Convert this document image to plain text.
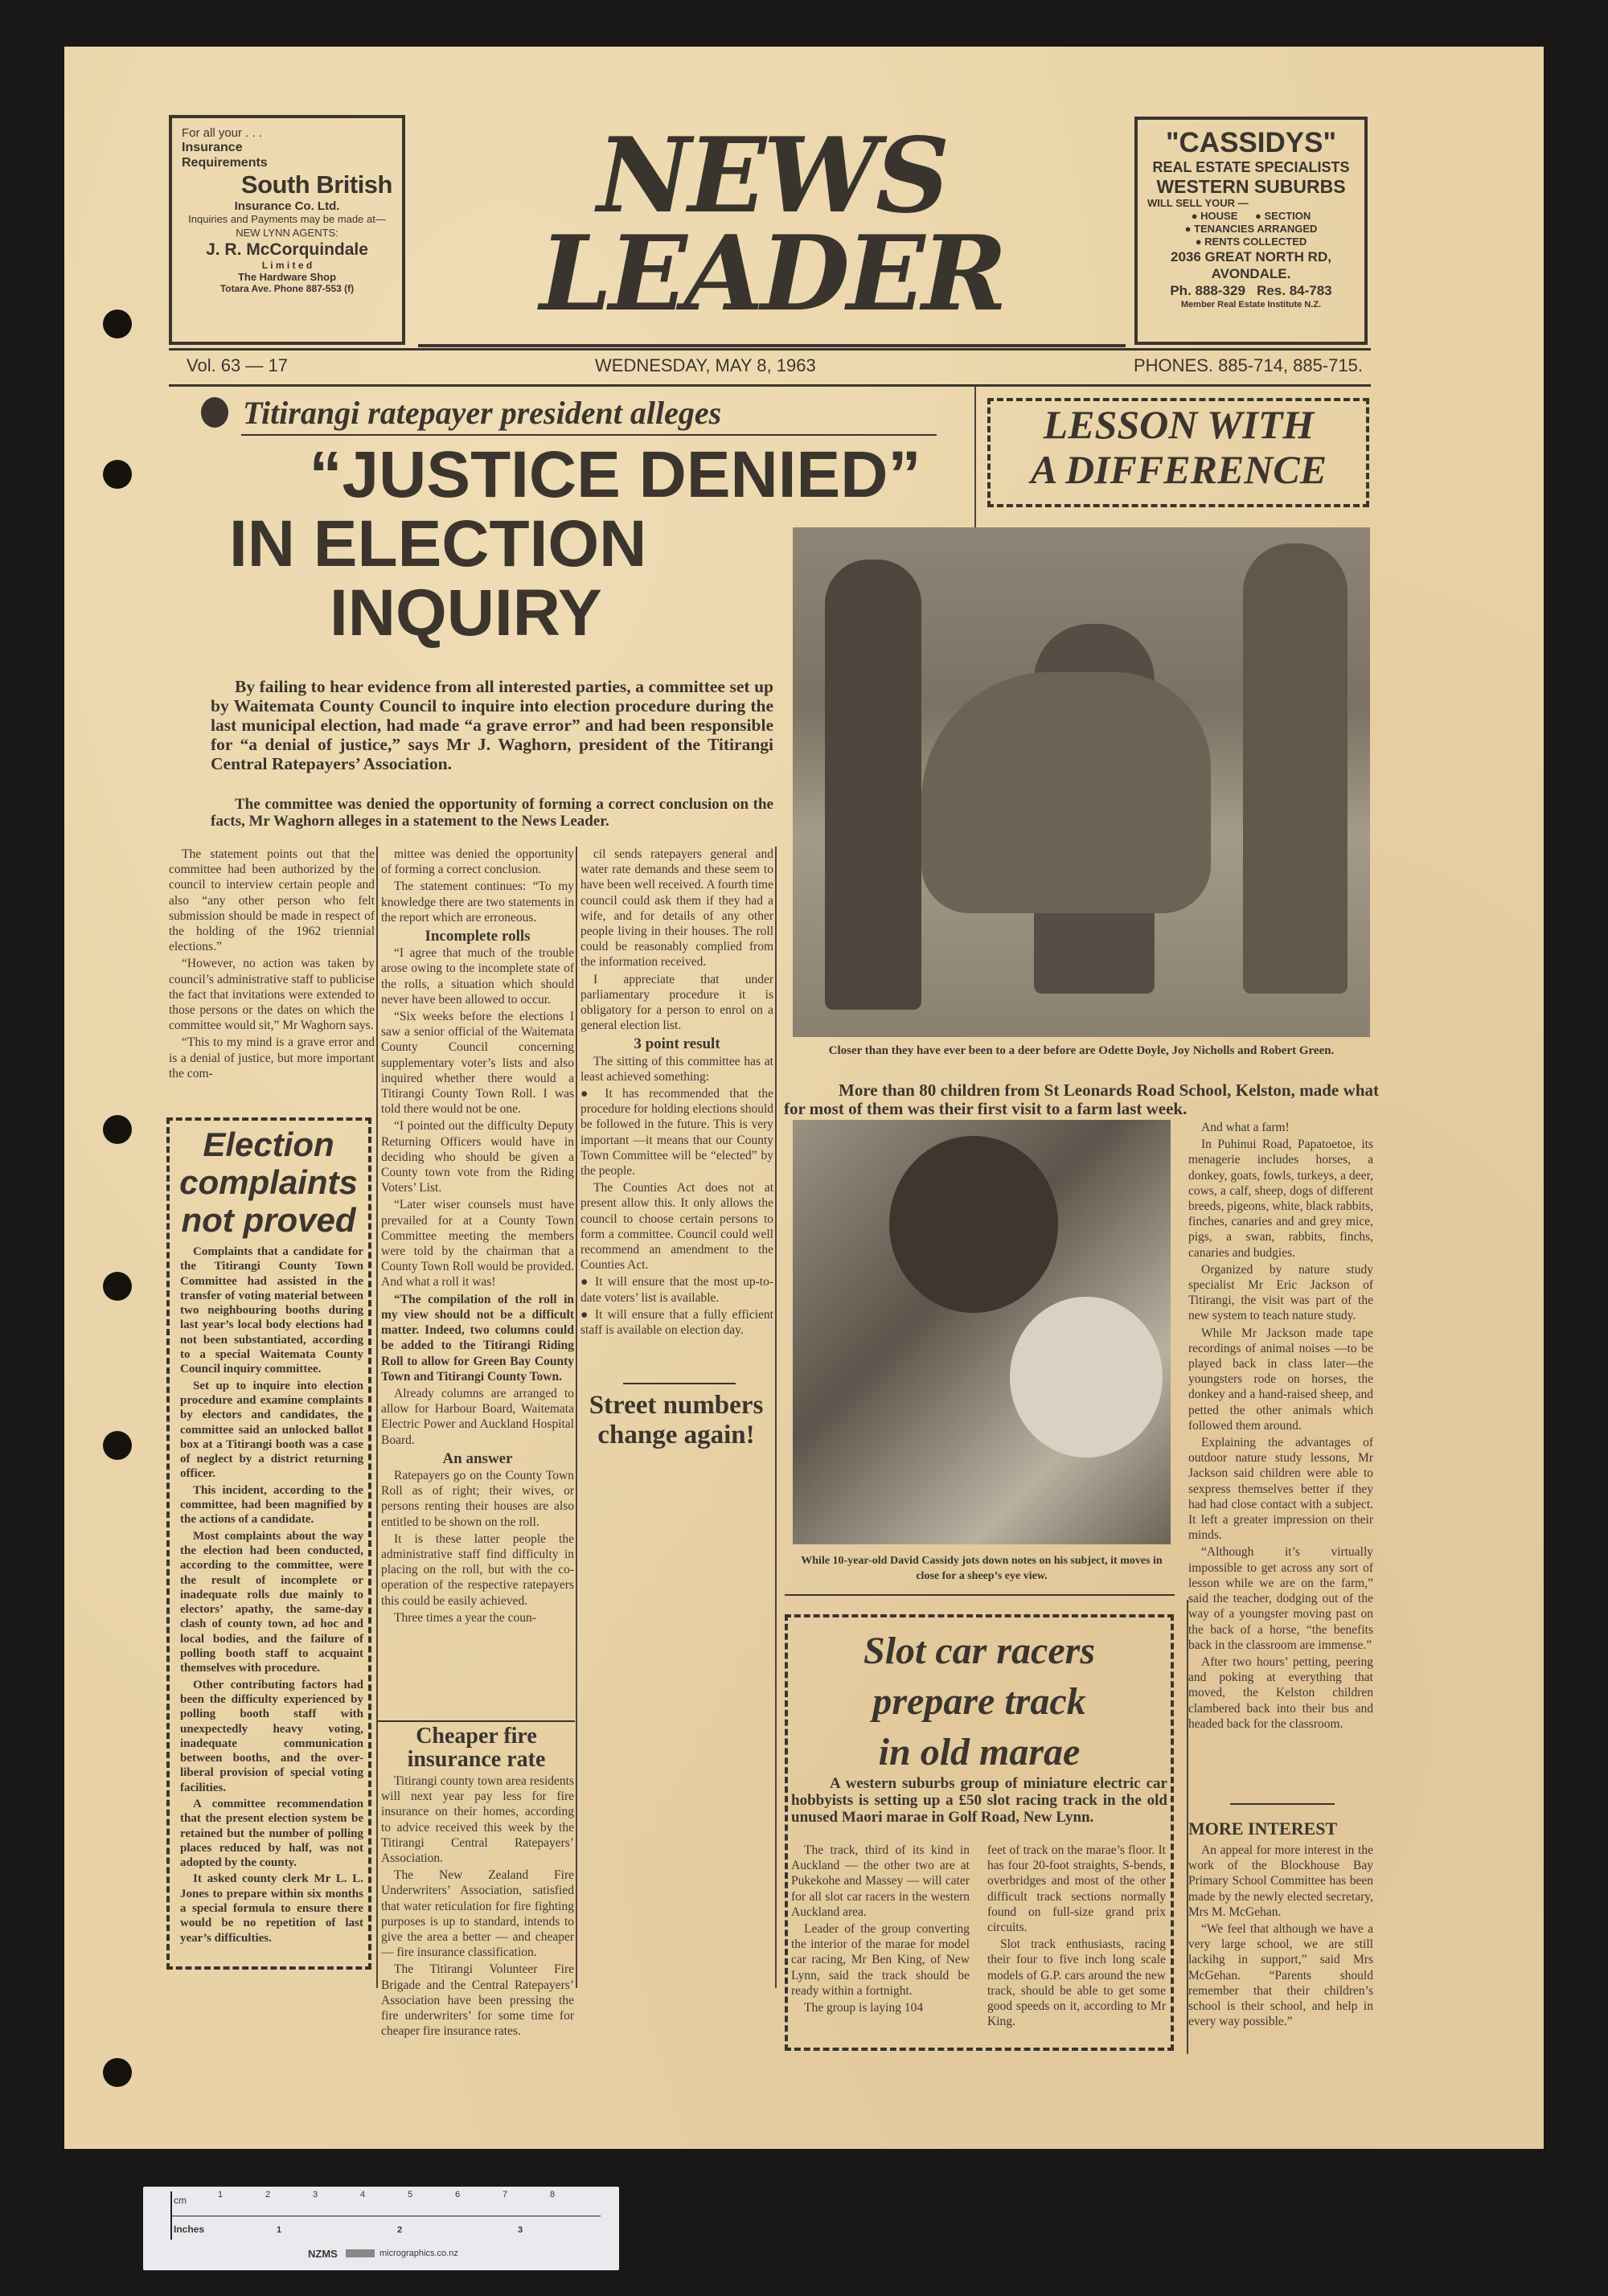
For all your . . .
Insurance
Requirements
South British
Insurance Co. Ltd.
Inquiries and Payments may be made at—
NEW LYNN AGENTS:
J. R. McCorquindale
L i m i t e d
The Hardware Shop
Totara Ave. Phone 887-553 (f)
NEWS
LEADER
"CASSIDYS"
REAL ESTATE SPECIALISTS
WESTERN SUBURBS
WILL SELL YOUR —
● HOUSE      ● SECTION
● TENANCIES ARRANGED
● RENTS COLLECTED
2036 GREAT NORTH RD,
AVONDALE.
Ph. 888-329   Res. 84-783
Member Real Estate Institute N.Z.
Vol. 63 — 17	WEDNESDAY, MAY 8, 1963	PHONES. 885-714, 885-715.
Titirangi ratepayer president alleges
“JUSTICE DENIED”
IN ELECTION
INQUIRY
By failing to hear evidence from all interested parties, a committee set up by Waitemata County Council to inquire into election procedure during the last municipal election, had made “a grave error” and had been responsible for “a denial of justice,” says Mr J. Waghorn, president of the Titirangi Central Ratepayers’ Association.
The committee was denied the opportunity of forming a correct conclusion on the facts, Mr Waghorn alleges in a statement to the News Leader.

The statement points out that the committee had been authorized by the council to interview certain people and also “any other person who felt submission should be made in respect of the holding of the 1962 triennial elections.”

“However, no action was taken by council’s administrative staff to publicise the fact that invitations were extended to those persons or the dates on which the committee would sit,” Mr Waghorn says.

“This to my mind is a grave error and is a denial of justice, but more important the com-

mittee was denied the opportunity of forming a correct conclusion.

The statement continues: “To my knowledge there are two statements in the report which are erroneous.

Incomplete rolls

“I agree that much of the trouble arose owing to the incomplete state of the rolls, a situation which should never have been allowed to occur.

“Six weeks before the elections I saw a senior official of the Waitemata County Council concerning supplementary voter’s lists and also inquired whether there would a Titirangi County Town Roll. I was told there would not be one.

“I pointed out the difficulty Deputy Returning Officers would have in deciding who should be given a County town vote from the Riding Voters’ List.

“Later wiser counsels must have prevailed for at a County Town Committee meeting the members were told by the chairman that a County Town Roll would be provided. And what a roll it was!

“The compilation of the roll in my view should not be a difficult matter. Indeed, two columns could be added to the Titirangi Riding Roll to allow for Green Bay County Town and Titirangi County Town.

Already columns are arranged to allow for Harbour Board, Waitemata Electric Power and Auckland Hospital Board.

An answer

Ratepayers go on the County Town Roll as of right; their wives, or persons renting their houses are also entitled to be shown on the roll.

It is these latter people the administrative staff find difficulty in placing on the roll, but with the co-operation of the respective ratepayers this could be easily achieved.

Three times a year the coun-

cil sends ratepayers general and water rate demands and these seem to have been well received. A fourth time council could ask them if they had a wife, and for details of any other people living in their houses. The roll could be reasonably complied from the information received.

I appreciate that under parliamentary procedure it is obligatory for a person to enrol on a general election list.

3 point result

The sitting of this committee has at least achieved something:

● It has recommended that the procedure for holding elections should be followed in the future. This is very important —it means that our County Town Committee will be “elected” by the people.

The Counties Act does not at present allow this. It only allows the council to choose certain persons to form a committee. Council could well recommend an amendment to the Counties Act.

● It will ensure that the most up-to-date voters’ list is available.

● It will ensure that a fully efficient staff is available on election day.

Election
complaints
not proved

Complaints that a candidate for the Titirangi County Town Committee had assisted in the transfer of voting material between two neighbouring booths during last year’s local body elections had not been substantiated, according to a special Waitemata County Council inquiry committee.

Set up to inquire into election procedure and examine complaints by electors and candidates, the committee said an unlocked ballot box at a Titirangi booth was a case of neglect by a district returning officer.

This incident, according to the committee, had been magnified by the actions of a candidate.

Most complaints about the way the election had been conducted, according to the committee, were the result of incomplete or inadequate rolls due mainly to electors’ apathy, the same-day clash of county town, ad hoc and local bodies, and the failure of polling booth staff to acquaint themselves with procedure.

Other contributing factors had been the difficulty experienced by polling booth staff with unexpectedly heavy voting, inadequate communication between booths, and the over-liberal provision of special voting facilities.

A committee recommendation that the present election system be retained but the number of polling places reduced by half, was not adopted by the county.

It asked county clerk Mr L. L. Jones to prepare within six months a special formula to ensure there would be no repetition of last year’s difficulties.

Cheaper fire
insurance rate

Titirangi county town area residents will next year pay less for fire insurance on their homes, according to advice received this week by the Titirangi Central Ratepayers’ Association.

The New Zealand Fire Underwriters’ Association, satisfied that water reticulation for fire fighting purposes is up to standard, intends to give the area a better — and cheaper — fire insurance classification.

The Titirangi Volunteer Fire Brigade and the Central Ratepayers’ Association have been pressing the fire underwriters’ for some time for cheaper fire insurance rates.

Street numbers
change again!
LESSON WITH
A DIFFERENCE
Closer than they have ever been to a deer before are Odette Doyle, Joy Nicholls and Robert Green.
More than 80 children from St Leonards Road School, Kelston, made what for most of them was their first visit to a farm last week.
While 10-year-old David Cassidy jots down notes on his subject, it moves in close for a sheep’s eye view.

And what a farm!

In Puhinui Road, Papatoetoe, its menagerie includes horses, a donkey, goats, fowls, turkeys, a deer, cows, a calf, sheep, dogs of different breeds, pigeons, white, black rabbits, finches, canaries and and grey mice, pigs, a swan, rabbits, finchs, canaries and budgies.

Organized by nature study specialist Mr Eric Jackson of Titirangi, the visit was part of the new system to teach nature study.

While Mr Jackson made tape recordings of animal noises —to be played back in class later—the youngsters rode on horses, the donkey and a hand-raised sheep, and petted the other animals which followed them around.

Explaining the advantages of outdoor nature study lessons, Mr Jackson said children were able to sexpress themselves better if they had had close contact with a subject. It left a greater impression on their minds.

“Although it’s virtually impossible to get across any sort of lesson while we are on the farm,” said the teacher, dodging out of the way of a youngster moving past on the back of a horse, “the benefits back in the classroom are immense.”

After two hours’ petting, peering and poking at everything that moved, the Kelston children clambered back into their bus and headed back for the classroom.

Slot car racers
prepare track
in old marae
A western suburbs group of miniature electric car hobbyists is setting up a £50 slot racing track in the old unused Maori marae in Golf Road, New Lynn.

The track, third of its kind in Auckland — the other two are at Pukekohe and Massey — will cater for all slot car racers in the western Auckland area.

Leader of the group converting the interior of the marae for model car racing, Mr Ben King, of New Lynn, said the track should be ready within a fortnight.

The group is laying 104

feet of track on the marae’s floor. It has four 20-foot straights, S-bends, overbridges and most of the other difficult track sections normally found on full-size grand prix circuits.

Slot track enthusiasts, racing their four to five inch long scale models of G.P. cars around the new track, should be able to get some good speeds on it, according to Mr King.

MORE INTEREST

An appeal for more interest in the work of the Blockhouse Bay Primary School Committee has been made by the newly elected secretary, Mrs M. McGehan.

“We feel that although we have a very large school, we are still lackihg in support,” said Mrs McGehan. “Parents should remember that their children’s school is their school, and help in every way possible.”

cm	1	2	3	4	5	6	7	8
Inches	1	2	3
NZMS	micrographics.co.nz
